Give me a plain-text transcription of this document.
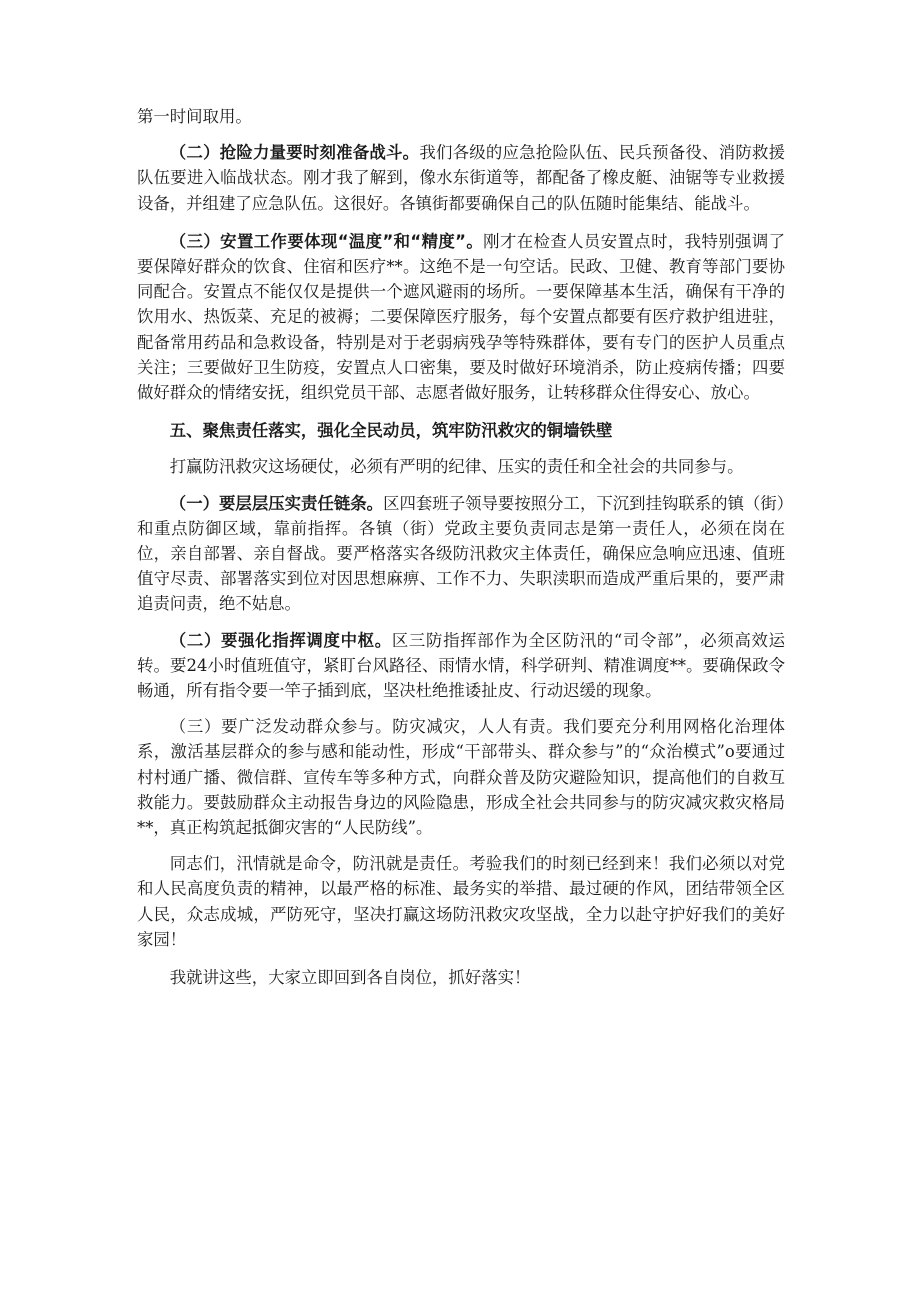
第一时间取用。

（二）抢险力量要时刻准备战斗。我们各级的应急抢险队伍、民兵预备役、消防救援队伍要进入临战状态。刚才我了解到，像水东街道等，都配备了橡皮艇、油锯等专业救援设备，并组建了应急队伍。这很好。各镇街都要确保自己的队伍随时能集结、能战斗。

（三）安置工作要体现“温度”和“精度”。刚才在检查人员安置点时，我特别强调了要保障好群众的饮食、住宿和医疗**。这绝不是一句空话。民政、卫健、教育等部门要协同配合。安置点不能仅仅是提供一个遮风避雨的场所。一要保障基本生活，确保有干净的饮用水、热饭菜、充足的被褥；二要保障医疗服务，每个安置点都要有医疗救护组进驻，配备常用药品和急救设备，特别是对于老弱病残孕等特殊群体，要有专门的医护人员重点关注；三要做好卫生防疫，安置点人口密集，要及时做好环境消杀，防止疫病传播；四要做好群众的情绪安抚，组织党员干部、志愿者做好服务，让转移群众住得安心、放心。

五、聚焦责任落实，强化全民动员，筑牢防汛救灾的铜墙铁壁

打赢防汛救灾这场硬仗，必须有严明的纪律、压实的责任和全社会的共同参与。

（一）要层层压实责任链条。区四套班子领导要按照分工，下沉到挂钩联系的镇（街）和重点防御区域，靠前指挥。各镇（街）党政主要负责同志是第一责任人，必须在岗在位，亲自部署、亲自督战。要严格落实各级防汛救灾主体责任，确保应急响应迅速、值班值守尽责、部署落实到位对因思想麻痹、工作不力、失职渎职而造成严重后果的，要严肃追责问责，绝不姑息。

（二）要强化指挥调度中枢。区三防指挥部作为全区防汛的“司令部”，必须高效运转。要24小时值班值守，紧盯台风路径、雨情水情，科学研判、精准调度**。要确保政令畅通，所有指令要一竿子插到底，坚决杜绝推诿扯皮、行动迟缓的现象。

（三）要广泛发动群众参与。防灾减灾，人人有责。我们要充分利用网格化治理体系，激活基层群众的参与感和能动性，形成“干部带头、群众参与”的“众治模式”o要通过村村通广播、微信群、宣传车等多种方式，向群众普及防灾避险知识，提高他们的自救互救能力。要鼓励群众主动报告身边的风险隐患，形成全社会共同参与的防灾减灾救灾格局**，真正构筑起抵御灾害的“人民防线”。

同志们，汛情就是命令，防汛就是责任。考验我们的时刻已经到来！我们必须以对党和人民高度负责的精神，以最严格的标准、最务实的举措、最过硬的作风，团结带领全区人民，众志成城，严防死守，坚决打赢这场防汛救灾攻坚战，全力以赴守护好我们的美好家园！

我就讲这些，大家立即回到各自岗位，抓好落实！
